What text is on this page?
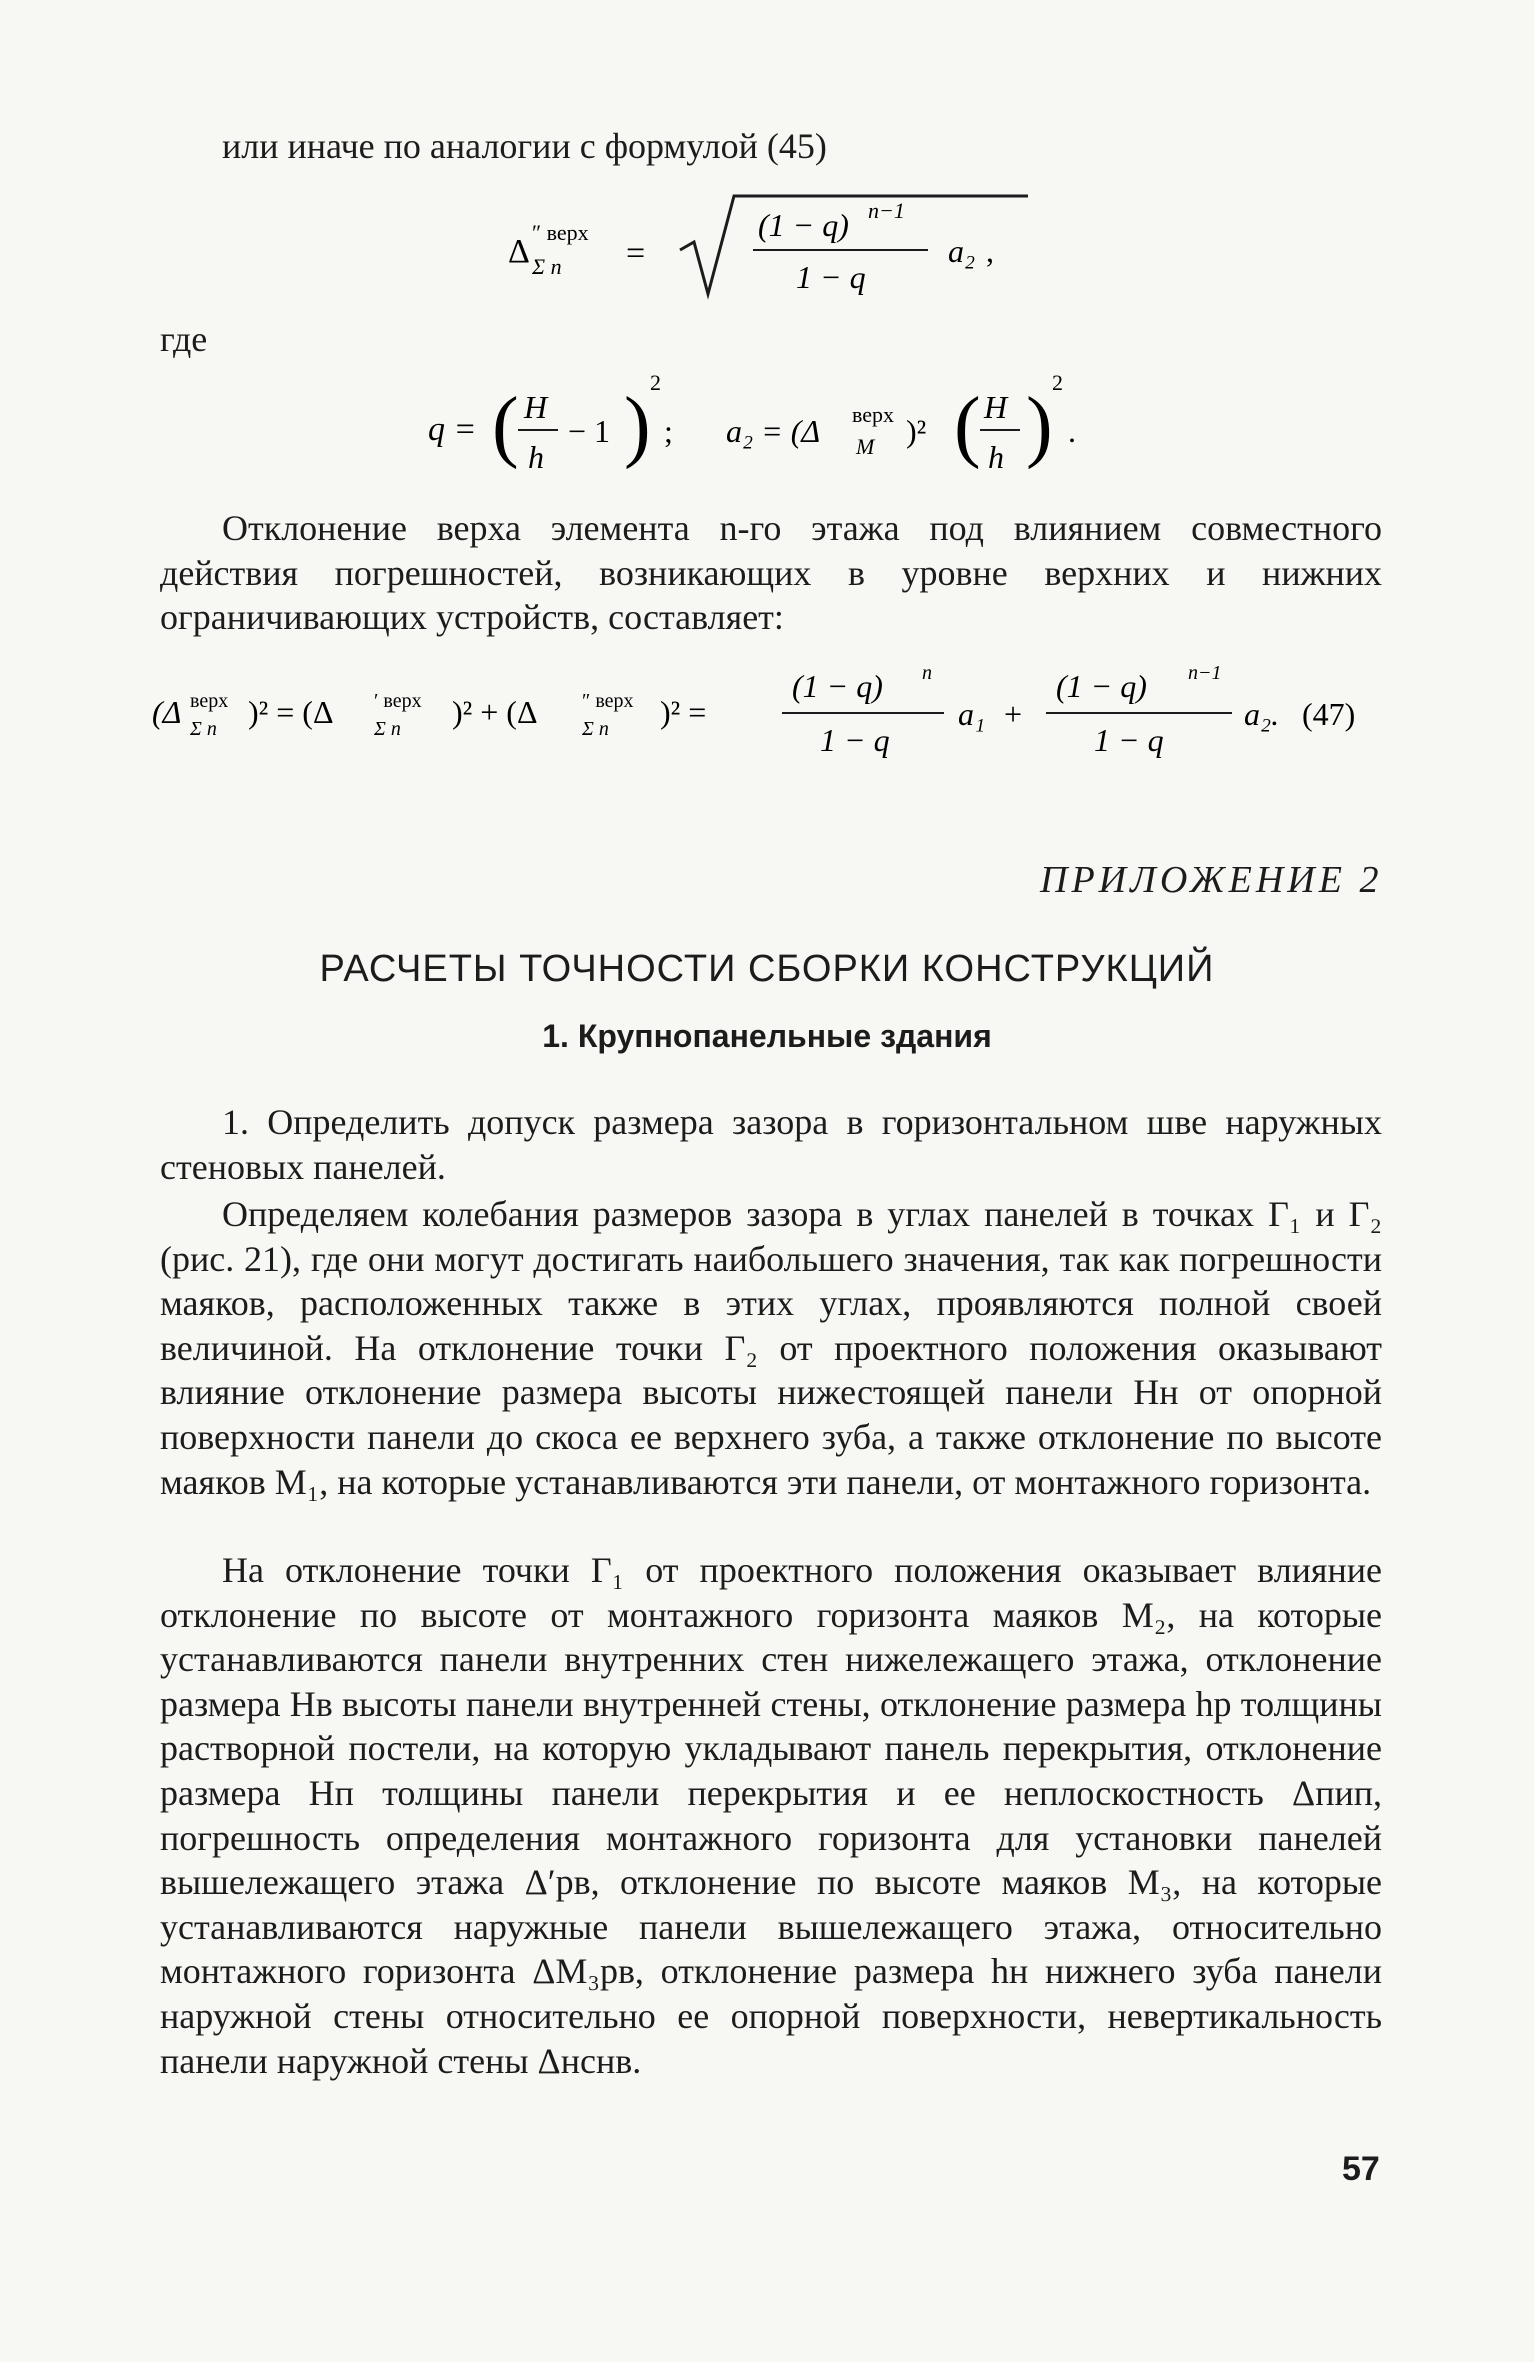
или иначе по аналогии с формулой (45)
Δ
″ верх
Σ n =
(1 − q) n−1
1 − q
a₂ ,
где
q = ( H
h
− 1 ) 2
; a₂ = (Δ верх
M )² ( H
h ) 2
.
Отклонение верха элемента n-го этажа под влиянием совместного действия погрешностей, возникающих в уровне верхних и нижних ограничивающих устройств, составляет:
(Δ верх
Σ n )² = (Δ ′ верх
Σ n )² + (Δ ″ верх
Σ n )² =
(1 − q) n
1 − q
a₁ +
(1 − q) n−1
1 − q
a₂. (47)
ПРИЛОЖЕНИЕ 2
РАСЧЕТЫ ТОЧНОСТИ СБОРКИ КОНСТРУКЦИЙ
1. Крупнопанельные здания
1. Определить допуск размера зазора в горизонтальном шве наружных стеновых панелей.
Определяем колебания размеров зазора в углах панелей в точках Г₁ и Г₂ (рис. 21), где они могут достигать наибольшего значения, так как погрешности маяков, расположенных также в этих углах, проявляются полной своей величиной. На отклонение точки Г₂ от проектного положения оказывают влияние отклонение размера высоты нижестоящей панели Hн от опорной поверхности панели до скоса ее верхнего зуба, а также отклонение по высоте маяков M₁, на которые устанавливаются эти панели, от монтажного горизонта.
На отклонение точки Г₁ от проектного положения оказывает влияние отклонение по высоте от монтажного горизонта маяков M₂, на которые устанавливаются панели внутренних стен нижележащего этажа, отклонение размера Hв высоты панели внутренней стены, отклонение размера hр толщины растворной постели, на которую укладывают панель перекрытия, отклонение размера Hп толщины панели перекрытия и ее неплоскостность Δпип, погрешность определения монтажного горизонта для установки панелей вышележащего этажа Δ′рв, отклонение по высоте маяков M₃, на которые устанавливаются наружные панели вышележащего этажа, относительно монтажного горизонта ΔM₃рв, отклонение размера hн нижнего зуба панели наружной стены относительно ее опорной поверхности, невертикальность панели наружной стены Δнснв.
57
